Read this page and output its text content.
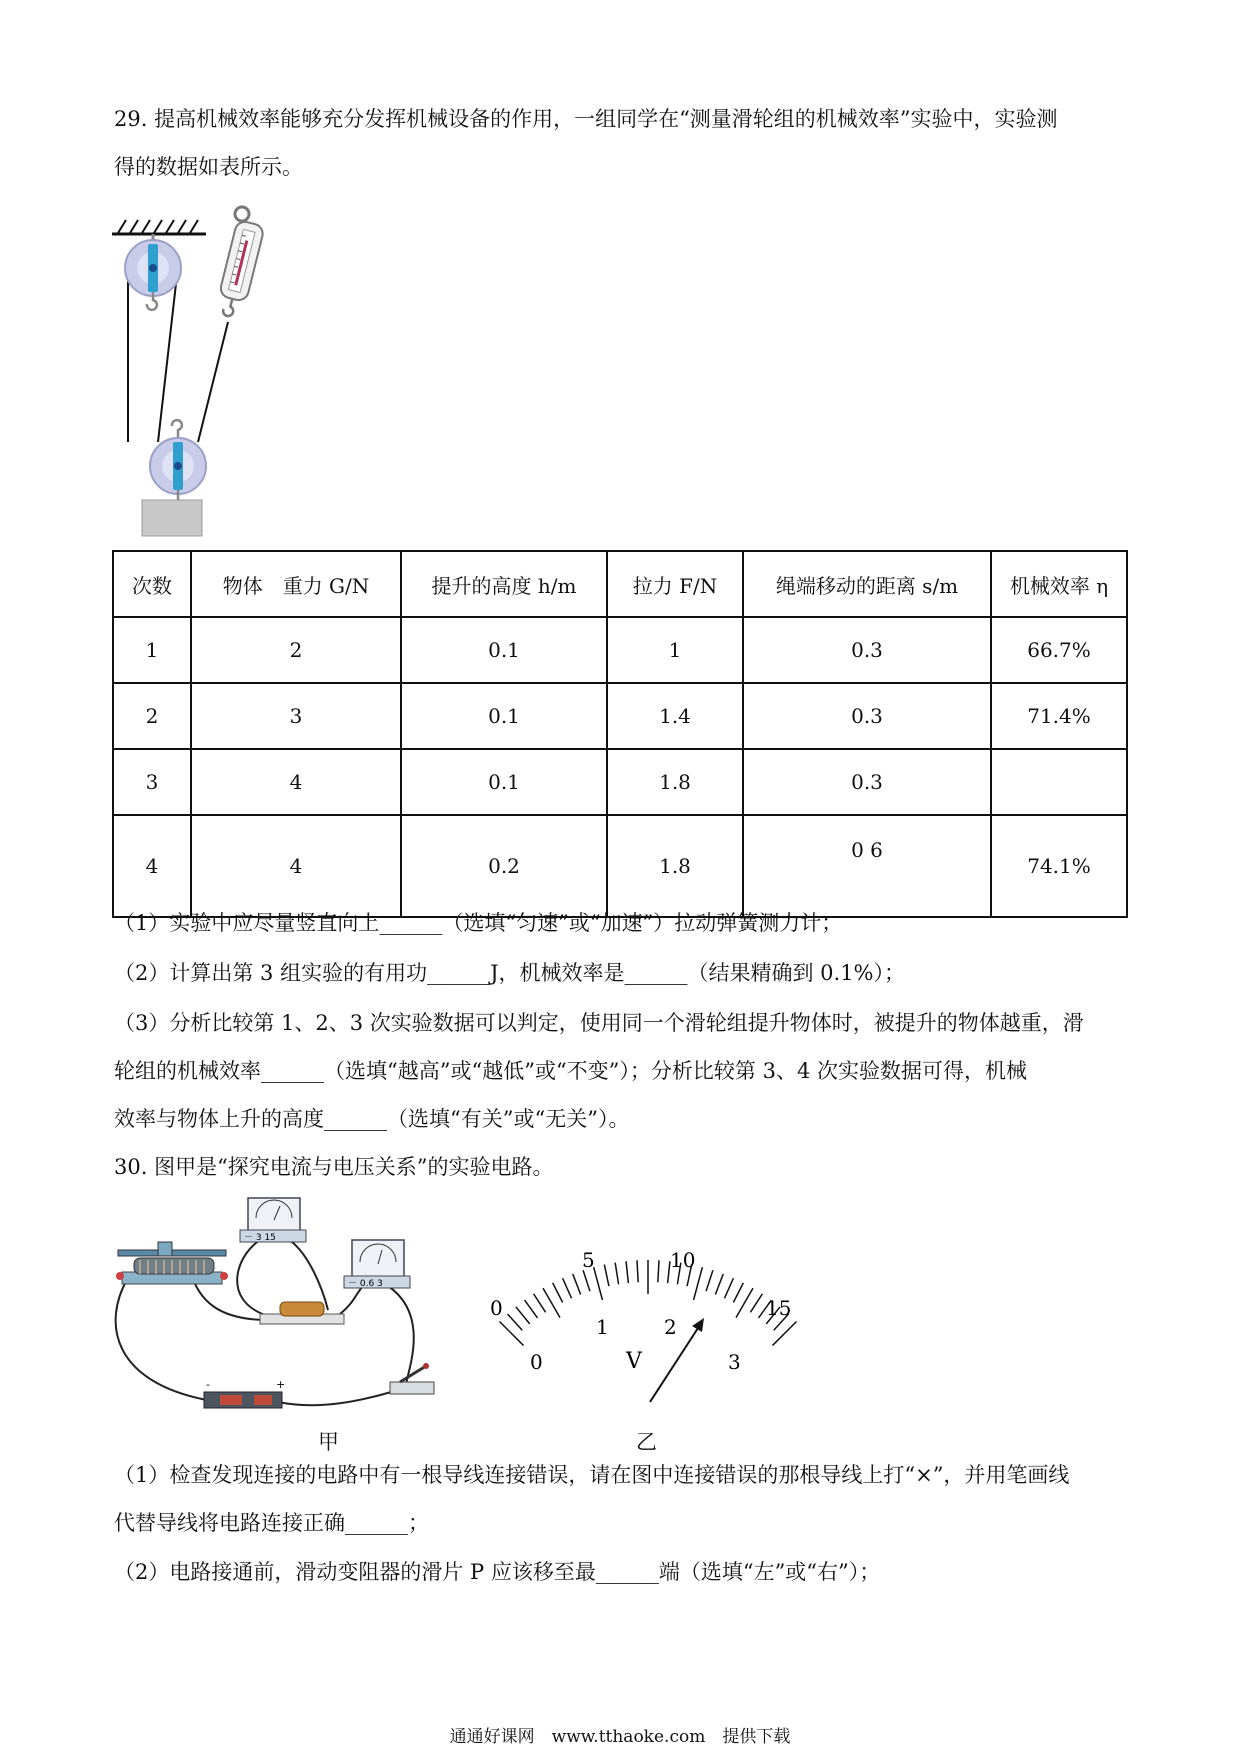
29. 提高机械效率能够充分发挥机械设备的作用，一组同学在“测量滑轮组的机械效率”实验中，实验测
得的数据如表所示。
次数	物体　重力 G/N	提升的高度 h/m	拉力 F/N	绳端移动的距离 s/m	机械效率 η
1	2	0.1	1	0.3	66.7%
2	3	0.1	1.4	0.3	71.4%
3	4	0.1	1.8	0.3	
4	4	0.2	1.8	0 6	74.1%
（1）实验中应尽量竖直向上______（选填“匀速”或“加速”）拉动弹簧测力计；
（2）计算出第 3 组实验的有用功______J，机械效率是______（结果精确到 0.1%）；
（3）分析比较第 1、2、3 次实验数据可以判定，使用同一个滑轮组提升物体时，被提升的物体越重，滑
轮组的机械效率______（选填“越高”或“越低”或“不变”）；分析比较第 3、4 次实验数据可得，机械
效率与物体上升的高度______（选填“有关”或“无关”）。
30. 图甲是“探究电流与电压关系”的实验电路。
－ 3 15
－ 0.6 3
-	+
甲
0
5	10
15
0
1	2
3
V
乙
（1）检查发现连接的电路中有一根导线连接错误，请在图中连接错误的那根导线上打“×”，并用笔画线
代替导线将电路连接正确______；
（2）电路接通前，滑动变阻器的滑片 P 应该移至最______端（选填“左”或“右”）；
通通好课网　www.tthaoke.com　提供下载
